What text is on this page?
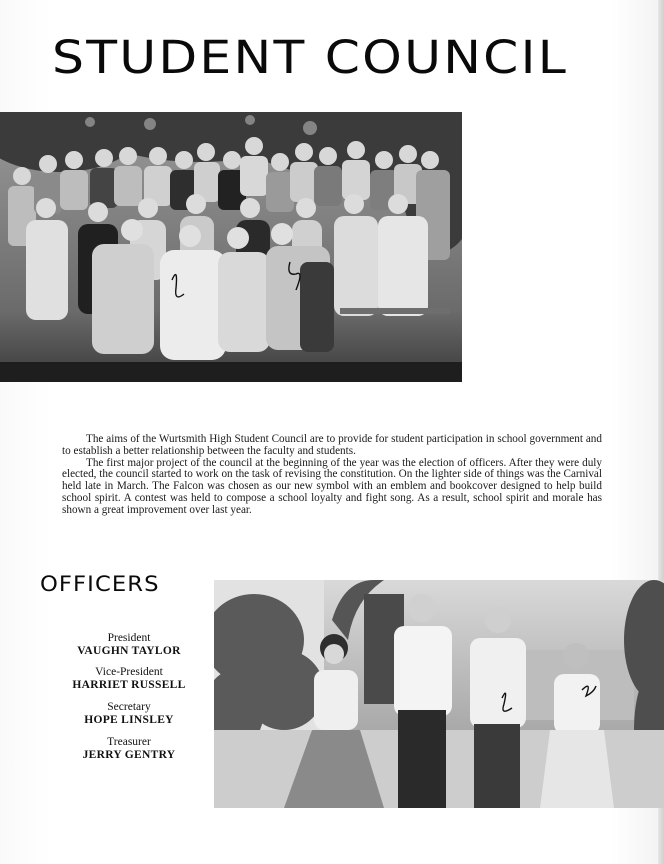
STUDENT COUNCIL

The aims of the Wurtsmith High Student Council are to provide for student participation in school government and to establish a better relationship between the faculty and students.

The first major project of the council at the beginning of the year was the election of officers. After they were duly elected, the council started to work on the task of revising the constitution. On the lighter side of things was the Carnival held late in March. The Falcon was chosen as our new symbol with an emblem and bookcover designed to help build school spirit. A contest was held to compose a school loyalty and fight song. As a result, school spirit and morale has shown a great improvement over last year.

OFFICERS
President
VAUGHN TAYLOR
Vice-President
HARRIET RUSSELL
Secretary
HOPE LINSLEY
Treasurer
JERRY GENTRY
